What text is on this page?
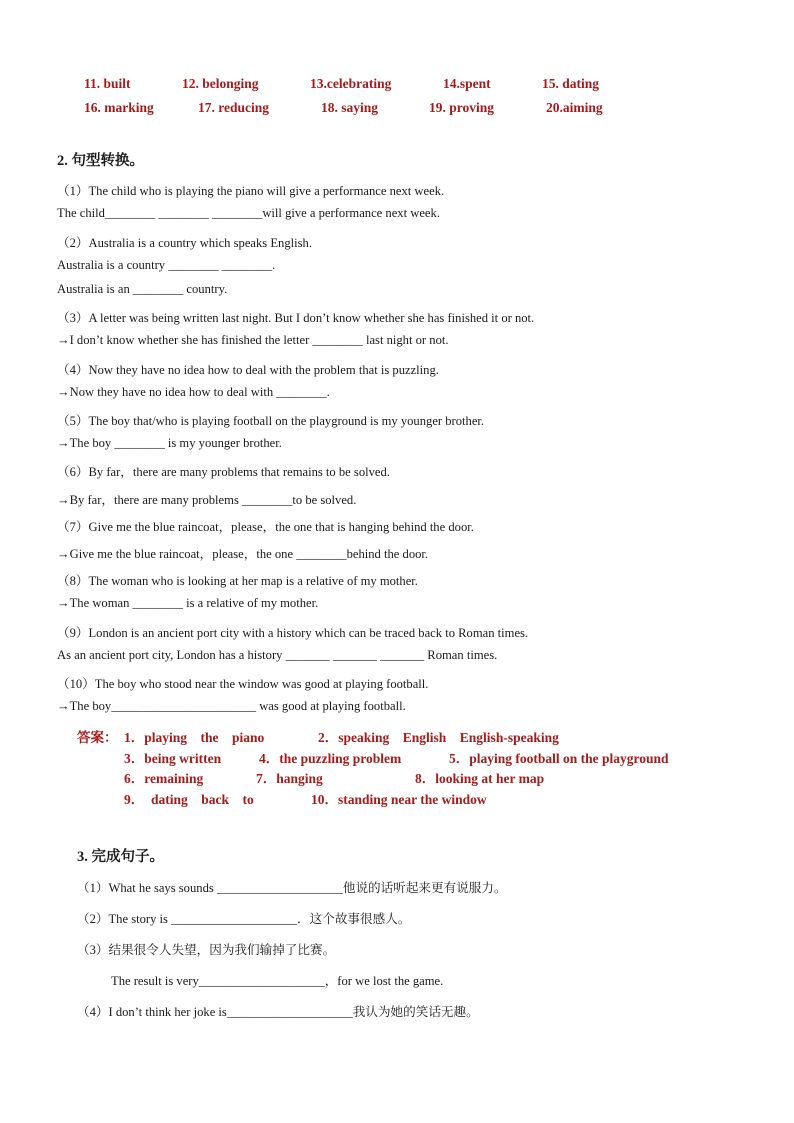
11. built	12. belonging	13.celebrating	14.spent	15. dating
16. marking	17. reducing	18. saying	19. proving	20.aiming
2. 句型转换。
（1）The child who is playing the piano will give a performance next week.
The child________ ________ ________will give a performance next week.
（2）Australia is a country which speaks English.
Australia is a country ________ ________.
Australia is an ________ country.
（3）A letter was being written last night. But I don’t know whether she has finished it or not.
→I don’t know whether she has finished the letter ________ last night or not.
（4）Now they have no idea how to deal with the problem that is puzzling.
→Now they have no idea how to deal with ________.
（5）The boy that/who is playing football on the playground is my younger brother.
→The boy ________ is my younger brother.
（6）By far，there are many problems that remains to be solved.
→By far，there are many problems ________to be solved.
（7）Give me the blue raincoat，please，the one that is hanging behind the door.
→Give me the blue raincoat，please，the one ________behind the door.
（8）The woman who is looking at her map is a relative of my mother.
→The woman ________ is a relative of my mother.
（9）London is an ancient port city with a history which can be traced back to Roman times.
As an ancient port city, London has a history _______ _______ _______ Roman times.
（10）The boy who stood near the window was good at playing football.
→The boy_______________________ was good at playing football.
答案： 1．playing    the    piano	2．speaking    English    English-speaking
3．being written	4．the puzzling problem	5．playing football on the playground
6．remaining	7．hanging	8．looking at her map
9．  dating    back    to	10．standing near the window
3. 完成句子。
（1）What he says sounds ____________________他说的话听起来更有说服力。
（2）The story is ____________________．这个故事很感人。
（3）结果很令人失望，因为我们输掉了比赛。
The result is very____________________，for we lost the game.
（4）I don’t think her joke is____________________我认为她的笑话无趣。
